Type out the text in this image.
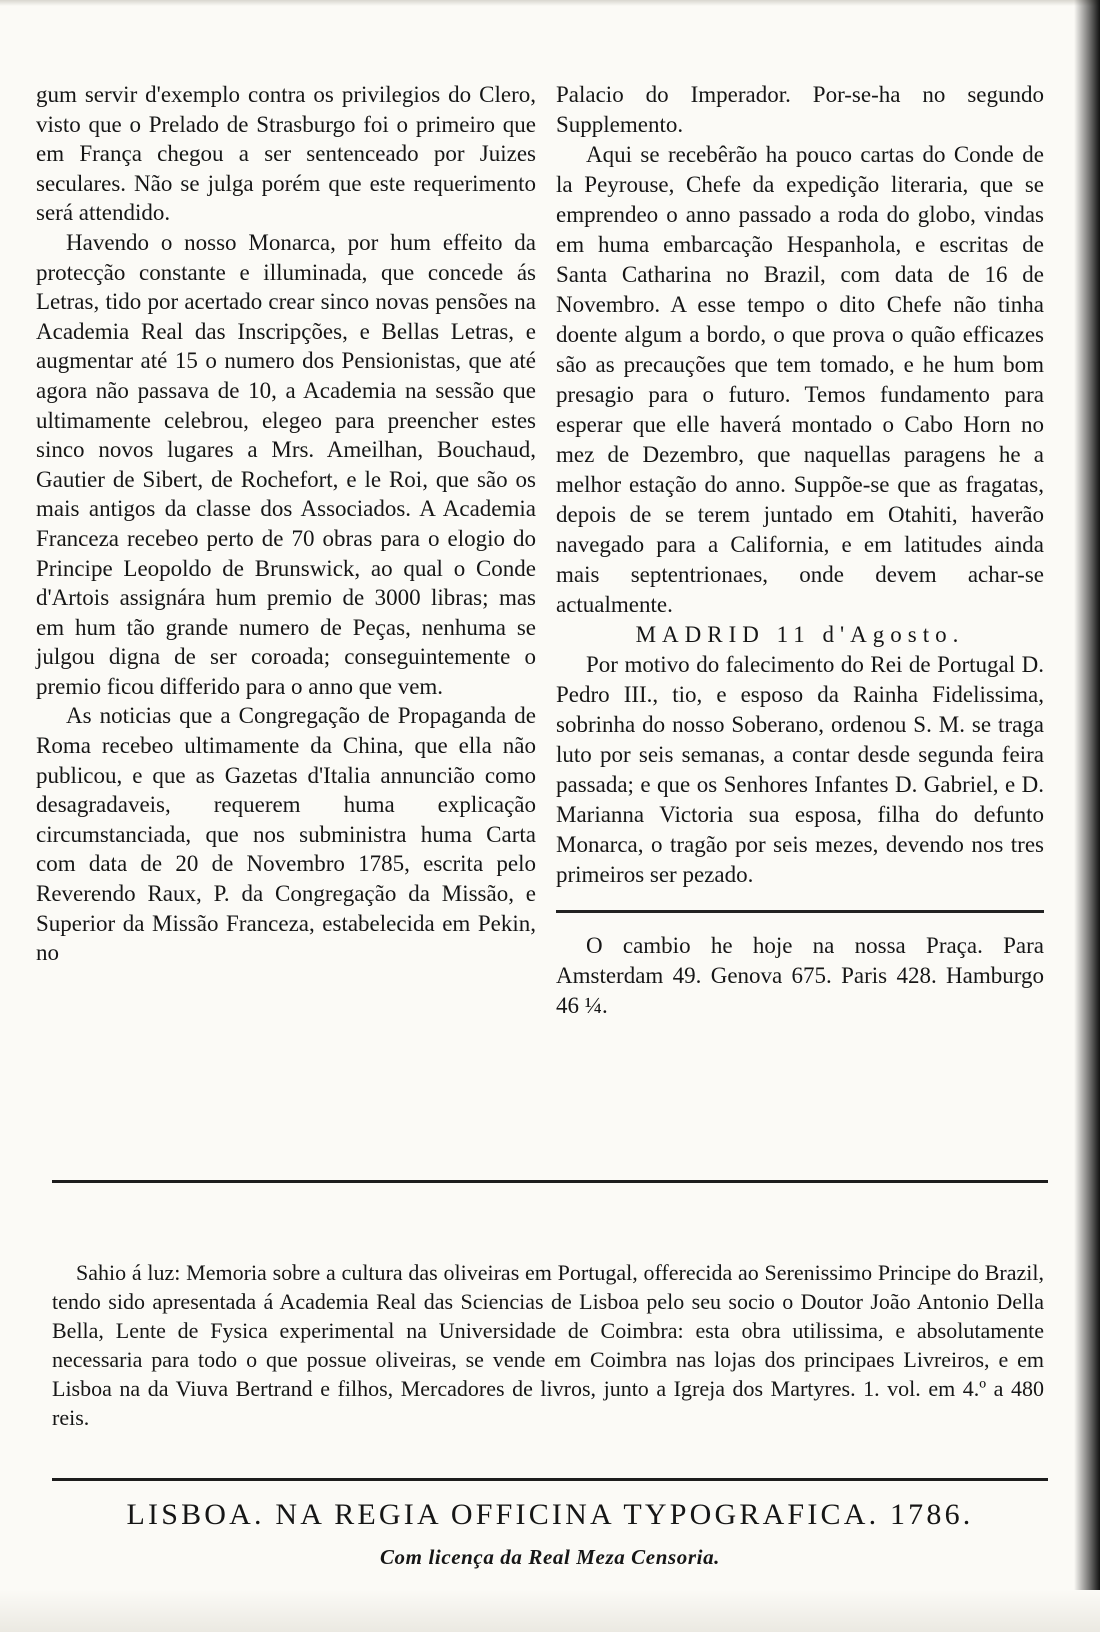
gum servir d'exemplo contra os privilegios do Clero, visto que o Prelado de Strasburgo foi o primeiro que em França chegou a ser sentenceado por Juizes seculares. Não se julga porém que este requerimento será attendido.

Havendo o nosso Monarca, por hum effeito da protecção constante e illuminada, que concede ás Letras, tido por acertado crear sinco novas pensões na Academia Real das Inscripções, e Bellas Letras, e augmentar até 15 o numero dos Pensionistas, que até agora não passava de 10, a Academia na sessão que ultimamente celebrou, elegeo para preencher estes sinco novos lugares a Mrs. Ameilhan, Bouchaud, Gautier de Sibert, de Rochefort, e le Roi, que são os mais antigos da classe dos Associados. A Academia Franceza recebeo perto de 70 obras para o elogio do Principe Leopoldo de Brunswick, ao qual o Conde d'Artois assignára hum premio de 3000 libras; mas em hum tão grande numero de Peças, nenhuma se julgou digna de ser coroada; conseguintemente o premio ficou differido para o anno que vem.

As noticias que a Congregação de Propaganda de Roma recebeo ultimamente da China, que ella não publicou, e que as Gazetas d'Italia annuncião como desagradaveis, requerem huma explicação circumstanciada, que nos subministra huma Carta com data de 20 de Novembro 1785, escrita pelo Reverendo Raux, P. da Congregação da Missão, e Superior da Missão Franceza, estabelecida em Pekin, no

Palacio do Imperador. Por-se-ha no segundo Supplemento.

Aqui se recebêrão ha pouco cartas do Conde de la Peyrouse, Chefe da expedição literaria, que se emprendeo o anno passado a roda do globo, vindas em huma embarcação Hespanhola, e escritas de Santa Catharina no Brazil, com data de 16 de Novembro. A esse tempo o dito Chefe não tinha doente algum a bordo, o que prova o quão efficazes são as precauções que tem tomado, e he hum bom presagio para o futuro. Temos fundamento para esperar que elle haverá montado o Cabo Horn no mez de Dezembro, que naquellas paragens he a melhor estação do anno. Suppõe-se que as fragatas, depois de se terem juntado em Otahiti, haverão navegado para a California, e em latitudes ainda mais septentrionaes, onde devem achar-se actualmente.

MADRID 11 d'Agosto.

Por motivo do falecimento do Rei de Portugal D. Pedro III., tio, e esposo da Rainha Fidelissima, sobrinha do nosso Soberano, ordenou S. M. se traga luto por seis semanas, a contar desde segunda feira passada; e que os Senhores Infantes D. Gabriel, e D. Marianna Victoria sua esposa, filha do defunto Monarca, o tragão por seis mezes, devendo nos tres primeiros ser pezado.

O cambio he hoje na nossa Praça. Para Amsterdam 49. Genova 675. Paris 428. Hamburgo 46 ¼.

Sahio á luz: Memoria sobre a cultura das oliveiras em Portugal, offerecida ao Serenissimo Principe do Brazil, tendo sido apresentada á Academia Real das Sciencias de Lisboa pelo seu socio o Doutor João Antonio Della Bella, Lente de Fysica experimental na Universidade de Coimbra: esta obra utilissima, e absolutamente necessaria para todo o que possue oliveiras, se vende em Coimbra nas lojas dos principaes Livreiros, e em Lisboa na da Viuva Bertrand e filhos, Mercadores de livros, junto a Igreja dos Martyres. 1. vol. em 4.º a 480 reis.

LISBOA. NA REGIA OFFICINA TYPOGRAFICA. 1786.
Com licença da Real Meza Censoria.
